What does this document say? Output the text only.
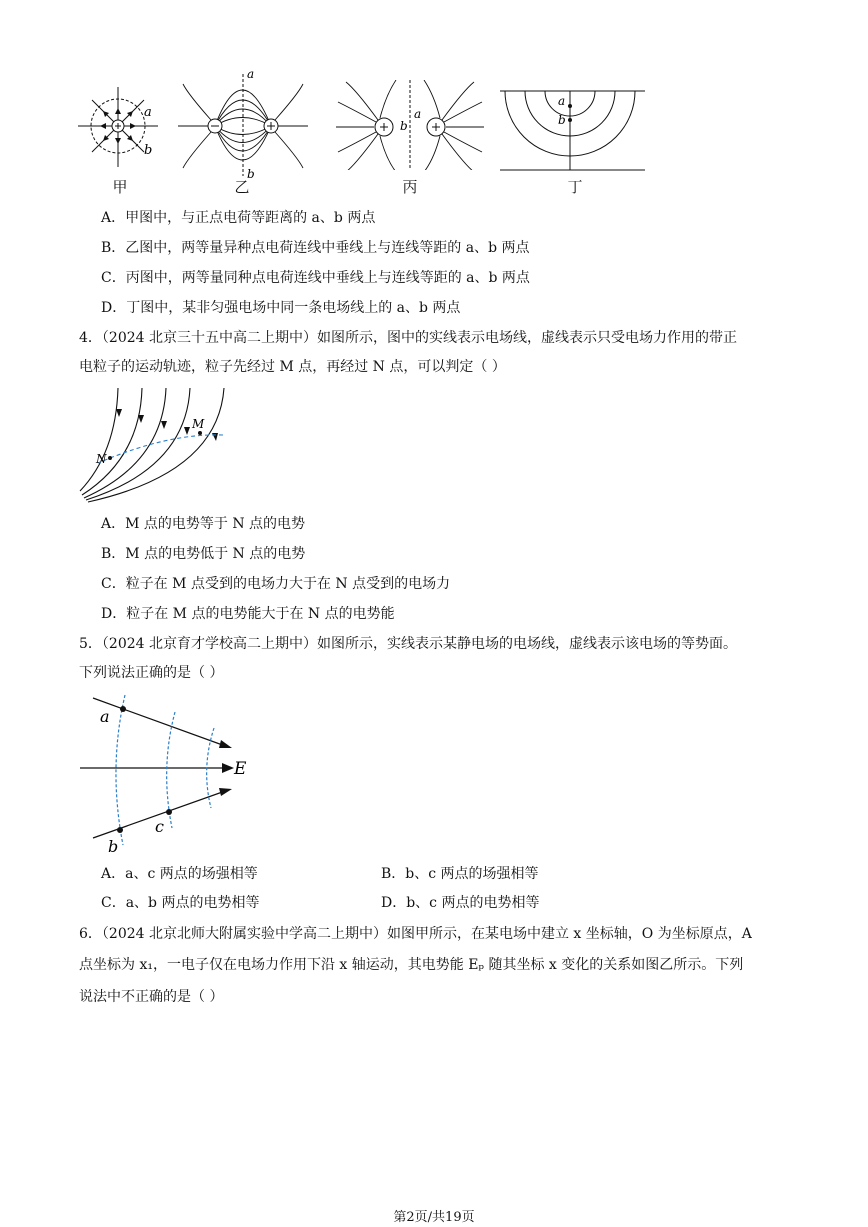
a
b
a
b
a
b
a
b
甲	乙	丙	丁
A．甲图中，与正点电荷等距离的 a、b 两点
B．乙图中，两等量异种点电荷连线中垂线上与连线等距的 a、b 两点
C．丙图中，两等量同种点电荷连线中垂线上与连线等距的 a、b 两点
D．丁图中，某非匀强电场中同一条电场线上的 a、b 两点
4．（2024 北京三十五中高二上期中）如图所示，图中的实线表示电场线，虚线表示只受电场力作用的带正
电粒子的运动轨迹，粒子先经过 M 点，再经过 N 点，可以判定（ ）
M
N
A．M 点的电势等于 N 点的电势
B．M 点的电势低于 N 点的电势
C．粒子在 M 点受到的电场力大于在 N 点受到的电场力
D．粒子在 M 点的电势能大于在 N 点的电势能
5．（2024 北京育才学校高二上期中）如图所示，实线表示某静电场的电场线，虚线表示该电场的等势面。
下列说法正确的是（ ）
a
b
c
E
A．a、c 两点的场强相等	B．b、c 两点的场强相等
C．a、b 两点的电势相等	D．b、c 两点的电势相等
6．（2024 北京北师大附属实验中学高二上期中）如图甲所示，在某电场中建立 x 坐标轴，O 为坐标原点，A
点坐标为 x₁，一电子仅在电场力作用下沿 x 轴运动，其电势能 Eₚ 随其坐标 x 变化的关系如图乙所示。下列
说法中不正确的是（ ）
第2页/共19页
